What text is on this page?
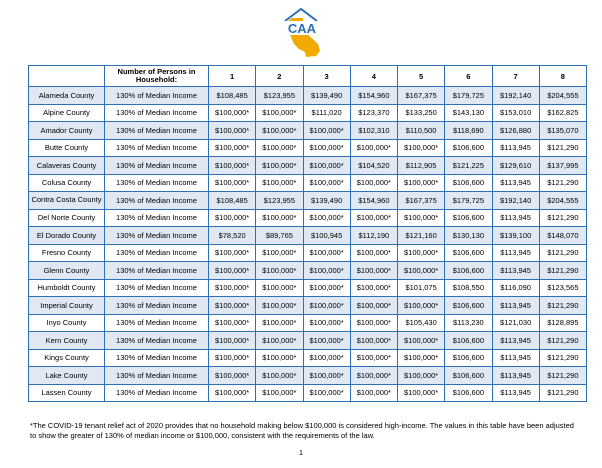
CAA
	Number of Persons in Household:	1	2	3	4	5	6	7	8
Alameda County	130% of Median Income	$108,485	$123,955	$139,490	$154,960	$167,375	$179,725	$192,140	$204,555
Alpine County	130% of Median Income	$100,000*	$100,000*	$111,020	$123,370	$133,250	$143,130	$153,010	$162,825
Amador County	130% of Median Income	$100,000*	$100,000*	$100,000*	$102,310	$110,500	$118,690	$126,880	$135,070
Butte County	130% of Median Income	$100,000*	$100,000*	$100,000*	$100,000*	$100,000*	$106,600	$113,945	$121,290
Calaveras County	130% of Median Income	$100,000*	$100,000*	$100,000*	$104,520	$112,905	$121,225	$129,610	$137,995
Colusa County	130% of Median Income	$100,000*	$100,000*	$100,000*	$100,000*	$100,000*	$106,600	$113,945	$121,290
Contra Costa County	130% of Median Income	$108,485	$123,955	$139,490	$154,960	$167,375	$179,725	$192,140	$204,555
Del Norte County	130% of Median Income	$100,000*	$100,000*	$100,000*	$100,000*	$100,000*	$106,600	$113,945	$121,290
El Dorado County	130% of Median Income	$78,520	$89,765	$100,945	$112,190	$121,160	$130,130	$139,100	$148,070
Fresno County	130% of Median Income	$100,000*	$100,000*	$100,000*	$100,000*	$100,000*	$106,600	$113,945	$121,290
Glenn County	130% of Median Income	$100,000*	$100,000*	$100,000*	$100,000*	$100,000*	$106,600	$113,945	$121,290
Humboldt County	130% of Median Income	$100,000*	$100,000*	$100,000*	$100,000*	$101,075	$108,550	$116,090	$123,565
Imperial County	130% of Median Income	$100,000*	$100,000*	$100,000*	$100,000*	$100,000*	$106,600	$113,945	$121,290
Inyo County	130% of Median Income	$100,000*	$100,000*	$100,000*	$100,000*	$105,430	$113,230	$121,030	$128,895
Kern County	130% of Median Income	$100,000*	$100,000*	$100,000*	$100,000*	$100,000*	$106,600	$113,945	$121,290
Kings County	130% of Median Income	$100,000*	$100,000*	$100,000*	$100,000*	$100,000*	$106,600	$113,945	$121,290
Lake County	130% of Median Income	$100,000*	$100,000*	$100,000*	$100,000*	$100,000*	$106,600	$113,945	$121,290
Lassen County	130% of Median Income	$100,000*	$100,000*	$100,000*	$100,000*	$100,000*	$106,600	$113,945	$121,290
*The COVID-19 tenant relief act of 2020 provides that no household making below $100,000 is considered high-income. The values in this table have been adjusted to show the greater of 130% of median income or $100,000, consistent with the requirements of the law.
1
